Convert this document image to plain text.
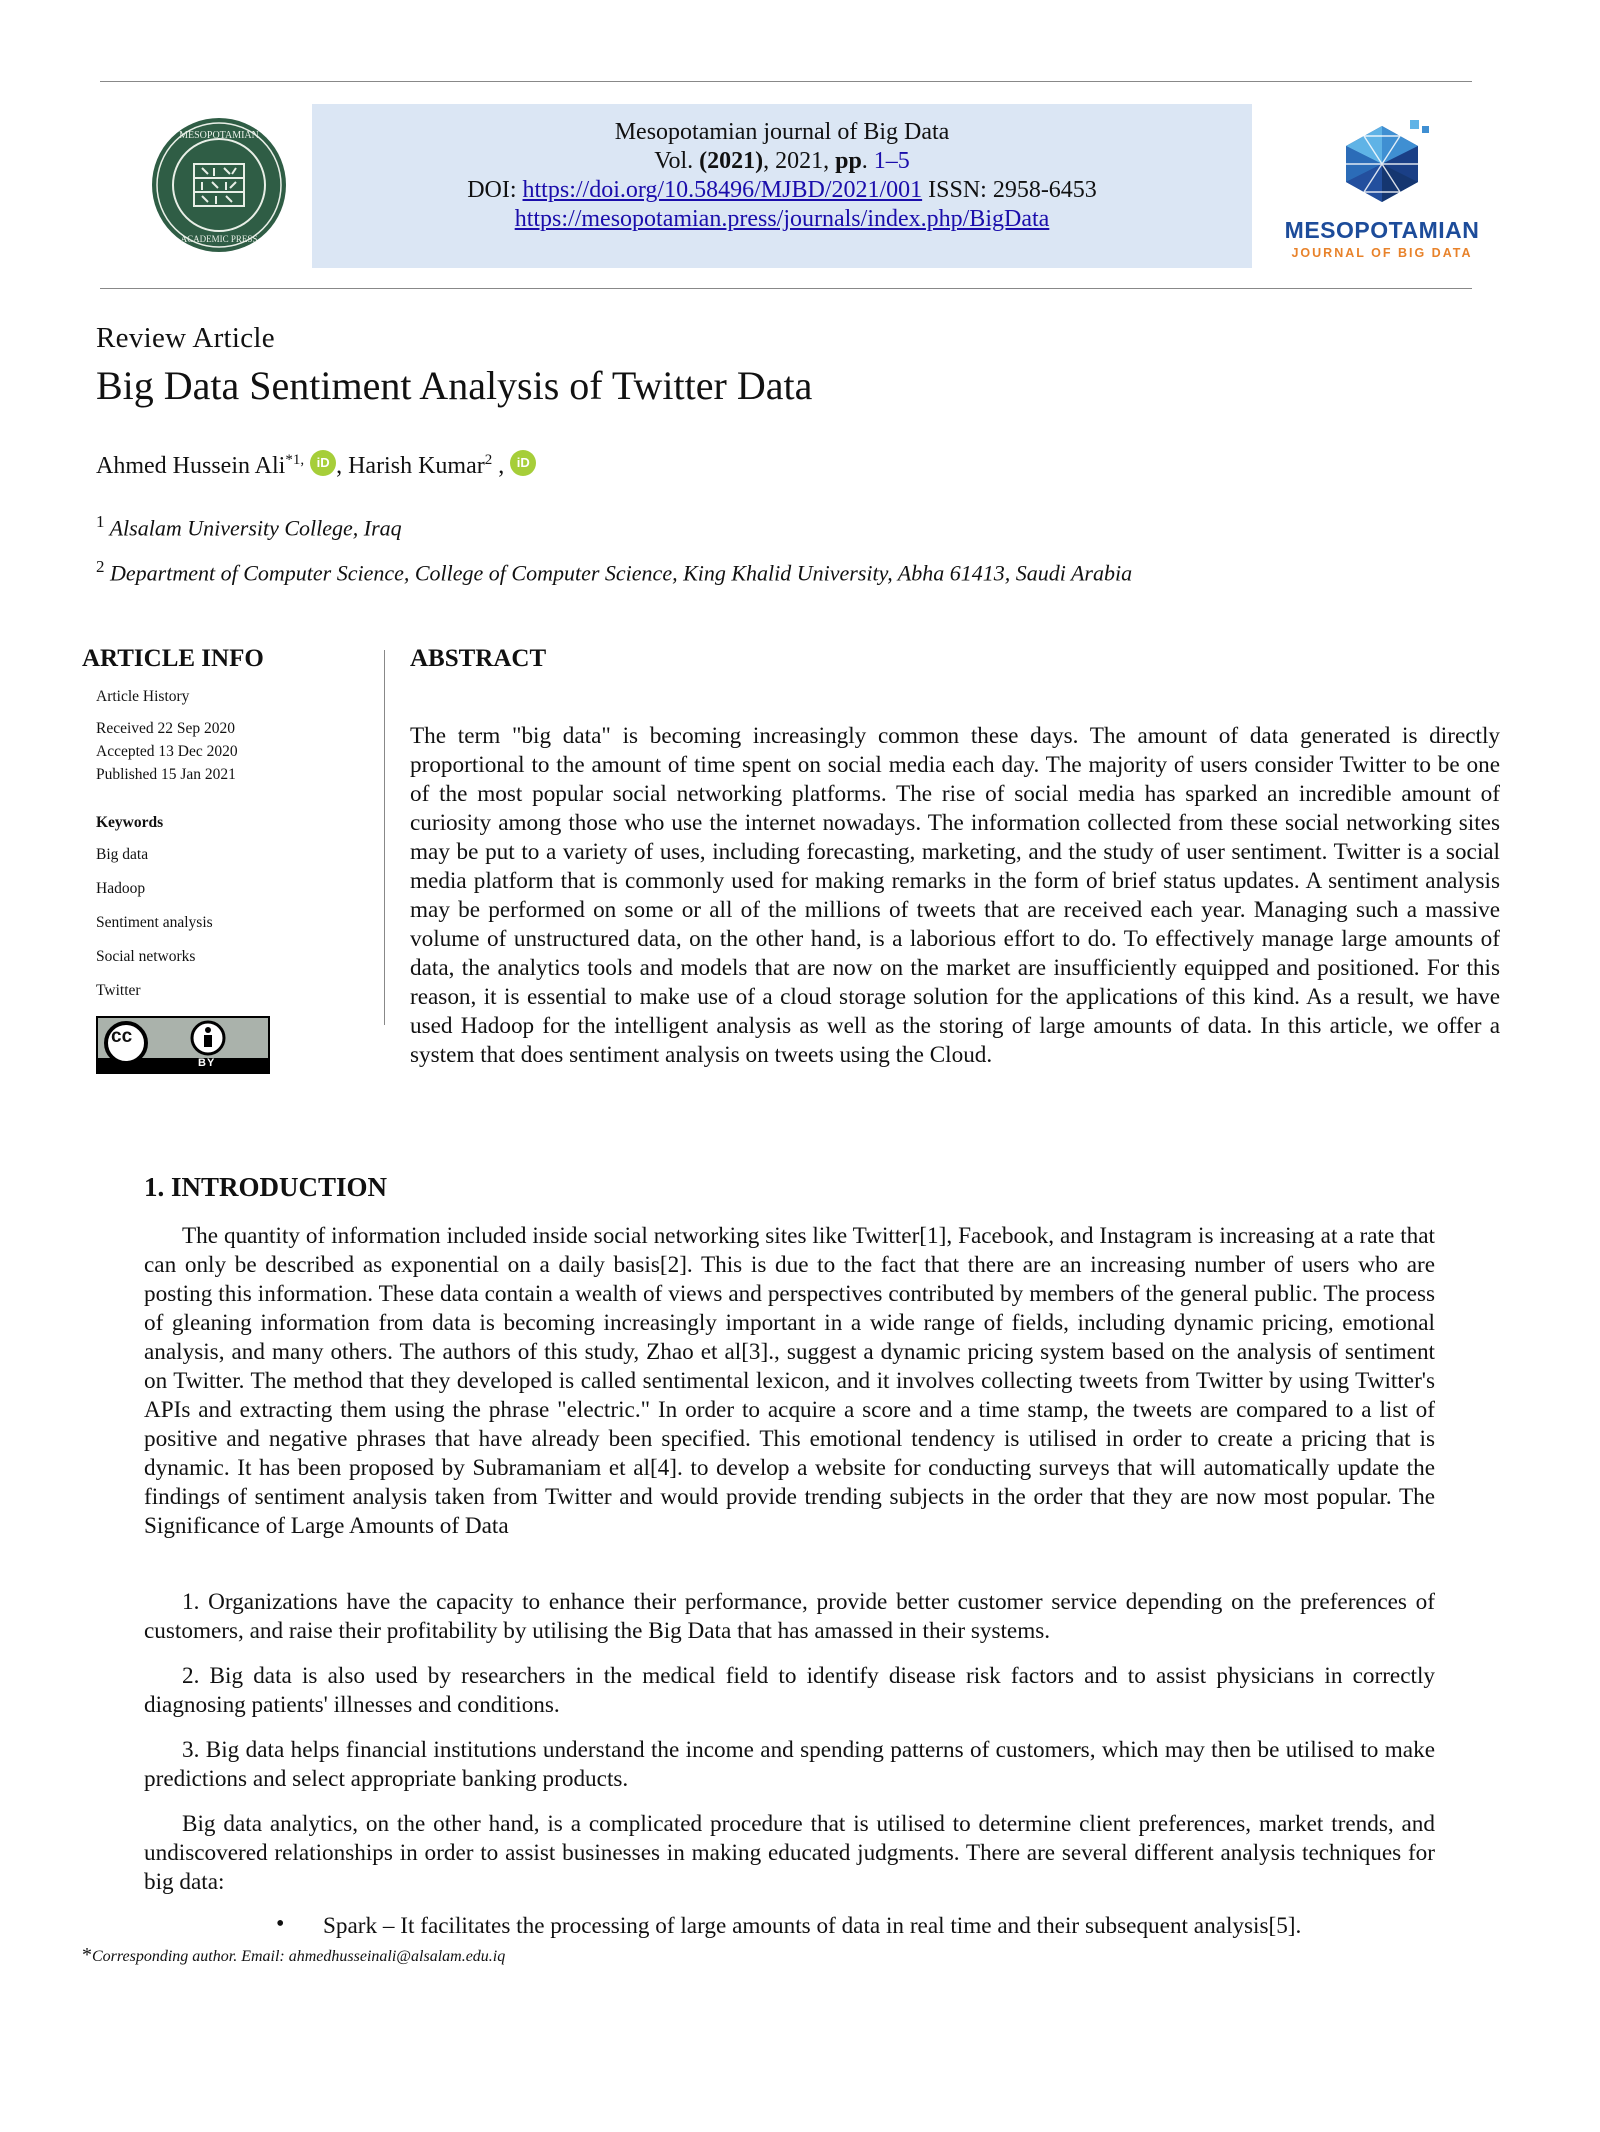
MESOPOTAMIAN
ACADEMIC PRESS
Mesopotamian journal of Big Data
Vol. (2021), 2021, pp. 1–5
DOI: https://doi.org/10.58496/MJBD/2021/001 ISSN: 2958-6453
https://mesopotamian.press/journals/index.php/BigData	MESOPOTAMIAN
JOURNAL OF BIG DATA
Review Article
Big Data Sentiment Analysis of Twitter Data
Ahmed Hussein Ali$^{*1,}$ iD , Harish Kumar$^2$ , iD
$^1$ Alsalam University College, Iraq
$^2$ Department of Computer Science, College of Computer Science, King Khalid University, Abha 61413, Saudi Arabia
ARTICLE INFO
Article History
Received 22 Sep 2020
Accepted 13 Dec 2020
Published 15 Jan 2021
Keywords
Big data
Hadoop
Sentiment analysis
Social networks
Twitter
cc
BY
ABSTRACT
The term "big data" is becoming increasingly common these days. The amount of data generated is directly proportional to the amount of time spent on social media each day. The majority of users consider Twitter to be one of the most popular social networking platforms. The rise of social media has sparked an incredible amount of curiosity among those who use the internet nowadays. The information collected from these social networking sites may be put to a variety of uses, including forecasting, marketing, and the study of user sentiment. Twitter is a social media platform that is commonly used for making remarks in the form of brief status updates. A sentiment analysis may be performed on some or all of the millions of tweets that are received each year. Managing such a massive volume of unstructured data, on the other hand, is a laborious effort to do. To effectively manage large amounts of data, the analytics tools and models that are now on the market are insufficiently equipped and positioned. For this reason, it is essential to make use of a cloud storage solution for the applications of this kind. As a result, we have used Hadoop for the intelligent analysis as well as the storing of large amounts of data. In this article, we offer a system that does sentiment analysis on tweets using the Cloud.
1. INTRODUCTION
The quantity of information included inside social networking sites like Twitter[1], Facebook, and Instagram is increasing at a rate that can only be described as exponential on a daily basis[2]. This is due to the fact that there are an increasing number of users who are posting this information. These data contain a wealth of views and perspectives contributed by members of the general public. The process of gleaning information from data is becoming increasingly important in a wide range of fields, including dynamic pricing, emotional analysis, and many others. The authors of this study, Zhao et al[3]., suggest a dynamic pricing system based on the analysis of sentiment on Twitter. The method that they developed is called sentimental lexicon, and it involves collecting tweets from Twitter by using Twitter's APIs and extracting them using the phrase "electric." In order to acquire a score and a time stamp, the tweets are compared to a list of positive and negative phrases that have already been specified. This emotional tendency is utilised in order to create a pricing that is dynamic. It has been proposed by Subramaniam et al[4]. to develop a website for conducting surveys that will automatically update the findings of sentiment analysis taken from Twitter and would provide trending subjects in the order that they are now most popular. The Significance of Large Amounts of Data
1. Organizations have the capacity to enhance their performance, provide better customer service depending on the preferences of customers, and raise their profitability by utilising the Big Data that has amassed in their systems.
2. Big data is also used by researchers in the medical field to identify disease risk factors and to assist physicians in correctly diagnosing patients' illnesses and conditions.
3. Big data helps financial institutions understand the income and spending patterns of customers, which may then be utilised to make predictions and select appropriate banking products.
Big data analytics, on the other hand, is a complicated procedure that is utilised to determine client preferences, market trends, and undiscovered relationships in order to assist businesses in making educated judgments. There are several different analysis techniques for big data:
• Spark – It facilitates the processing of large amounts of data in real time and their subsequent analysis[5].
*Corresponding author. Email: ahmedhusseinali@alsalam.edu.iq
